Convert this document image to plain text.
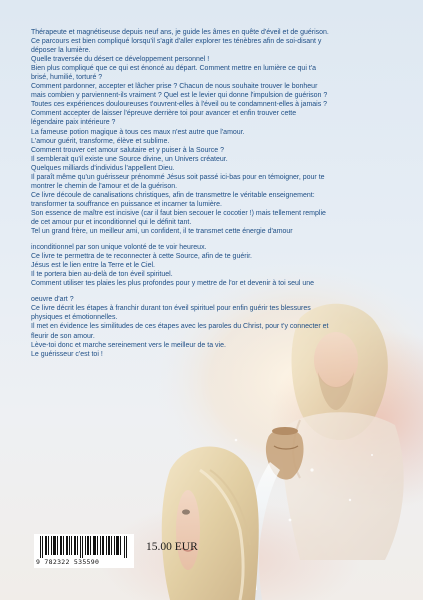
Thérapeute et magnétiseuse depuis neuf ans, je guide les âmes en quête d'éveil et de guérison.

Ce parcours est bien compliqué lorsqu'il s'agit d'aller explorer tes ténèbres afin de soi-disant y

déposer la lumière.

Quelle traversée du désert ce développement personnel !

Bien plus compliqué que ce qui est énoncé au départ. Comment mettre en lumière ce qui t'a

brisé, humilié, torturé ?

Comment pardonner, accepter et lâcher prise ? Chacun de nous souhaite trouver le bonheur

mais combien y parviennent-ils vraiment ? Quel est le levier qui donne l'impulsion de guérison ?

Toutes ces expériences douloureuses t'ouvrent-elles à l'éveil ou te condamnent-elles à jamais ?

Comment accepter de laisser l'épreuve derrière toi pour avancer et enfin trouver cette

légendaire paix intérieure ?

La fameuse potion magique à tous ces maux n'est autre que l'amour.

L'amour guérit, transforme, élève et sublime.

Comment trouver cet amour salutaire et y puiser à la Source ?

Il semblerait qu'il existe une Source divine, un Univers créateur.

Quelques milliards d'individus l'appellent Dieu.

Il paraît même qu'un guérisseur prénommé Jésus soit passé ici-bas pour en témoigner, pour te

montrer le chemin de l'amour et de la guérison.

Ce livre découle de canalisations christiques, afin de transmettre le véritable enseignement:

transformer ta souffrance en puissance et incarner ta lumière.

Son essence de maître est incisive (car il faut bien secouer le cocotier !) mais tellement remplie

de cet amour pur et inconditionnel qui le définit tant.

Tel un grand frère, un meilleur ami, un confident, il te transmet cette énergie d'amour

inconditionnel par son unique volonté de te voir heureux.

Ce livre te permettra de te reconnecter à cette Source, afin de te guérir.

Jésus est le lien entre la Terre et le Ciel.

Il te portera bien au-delà de ton éveil spirituel.

Comment utiliser tes plaies les plus profondes pour y mettre de l'or et devenir à toi seul une

oeuvre d'art ?

Ce livre décrit les étapes à franchir durant ton éveil spirituel pour enfin guérir tes blessures

physiques et émotionnelles.

Il met en évidence les similitudes de ces étapes avec les paroles du Christ, pour t'y connecter et

fleurir de son amour.

Lève-toi donc et marche sereinement vers le meilleur de ta vie.

Le guérisseur c'est toi !

9 782322 535590
15.00 EUR
